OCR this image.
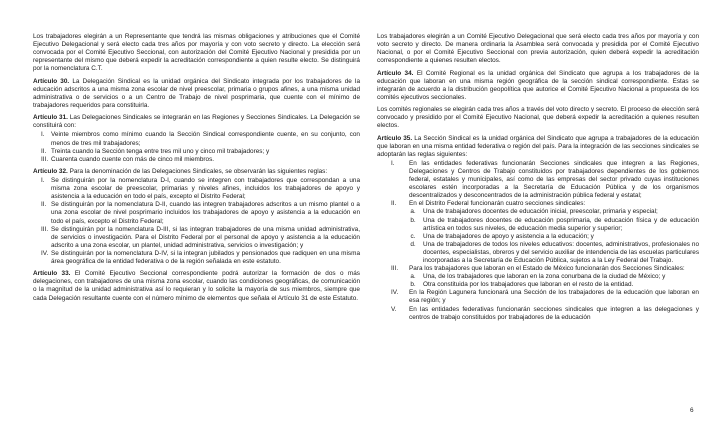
Los trabajadores elegirán a un Representante que tendrá las mismas obligaciones y atribuciones que el Comité Ejecutivo Delegacional y será electo cada tres años por mayoría y con voto secreto y directo. La elección será convocada por el Comité Ejecutivo Seccional, con autorización del Comité Ejecutivo Nacional y presidida por un representante del mismo que deberá expedir la acreditación correspondiente a quien resulte electo. Se distinguirá por la nomenclatura C.T.

Artículo 30. La Delegación Sindical es la unidad orgánica del Sindicato integrada por los trabajadores de la educación adscritos a una misma zona escolar de nivel preescolar, primaria o grupos afines, a una misma unidad administrativa o de servicios o a un Centro de Trabajo de nivel posprimaria, que cuente con el mínimo de trabajadores requeridos para constituirla.

Artículo 31. Las Delegaciones Sindicales se integrarán en las Regiones y Secciones Sindicales. La Delegación se constituirá con:

I.	Veinte miembros como mínimo cuando la Sección Sindical correspondiente cuente, en su conjunto, con menos de tres mil trabajadores;
II. Treinta cuando la Sección tenga entre tres mil uno y cinco mil trabajadores; y
III. Cuarenta cuando cuente con más de cinco mil miembros.

Artículo 32. Para la denominación de las Delegaciones Sindicales, se observarán las siguientes reglas:

I.	Se distinguirán por la nomenclatura D-I, cuando se integren con trabajadores que correspondan a una misma zona escolar de preescolar, primarias y niveles afines, incluidos los trabajadores de apoyo y asistencia a la educación en todo el país, excepto el Distrito Federal;
II. Se distinguirán por la nomenclatura D-II, cuando las integren trabajadores adscritos a un mismo plantel o a una zona escolar de nivel posprimario incluidos los trabajadores de apoyo y asistencia a la educación en todo el país, excepto el Distrito Federal;
III. Se distinguirán por la nomenclatura D-III, si las integran trabajadores de una misma unidad administrativa, de servicios o investigación. Para el Distrito Federal por el personal de apoyo y asistencia a la educación adscrito a una zona escolar, un plantel, unidad administrativa, servicios o investigación; y
IV. Se distinguirán por la nomenclatura D-IV, si la integran jubilados y pensionados que radiquen en una misma área geográfica de la entidad federativa o de la región señalada en este estatuto.

Artículo 33. El Comité Ejecutivo Seccional correspondiente podrá autorizar la formación de dos o más delegaciones, con trabajadores de una misma zona escolar, cuando las condiciones geográficas, de comunicación o la magnitud de la unidad administrativa así lo requieran y lo solicite la mayoría de sus miembros, siempre que cada Delegación resultante cuente con el número mínimo de elementos que señala el Artículo 31 de este Estatuto.

Los trabajadores elegirán a un Comité Ejecutivo Delegacional que será electo cada tres años por mayoría y con voto secreto y directo. De manera ordinaria la Asamblea será convocada y presidida por el Comité Ejecutivo Nacional, o por el Comité Ejecutivo Seccional con previa autorización, quien deberá expedir la acreditación correspondiente a quienes resulten electos.

Artículo 34. El Comité Regional es la unidad orgánica del Sindicato que agrupa a los trabajadores de la educación que laboran en una misma región geográfica de la sección sindical correspondiente. Estas se integrarán de acuerdo a la distribución geopolítica que autorice el Comité Ejecutivo Nacional a propuesta de los comités ejecutivos seccionales.

Los comités regionales se elegirán cada tres años a través del voto directo y secreto. El proceso de elección será convocado y presidido por el Comité Ejecutivo Nacional, que deberá expedir la acreditación a quienes resulten electos.

Artículo 35. La Sección Sindical es la unidad orgánica del Sindicato que agrupa a trabajadores de la educación que laboran en una misma entidad federativa o región del país. Para la integración de las secciones sindicales se adoptarán las reglas siguientes:

I.	En las entidades federativas funcionarán Secciones sindicales que integren a las Regiones, Delegaciones y Centros de Trabajo constituidos por trabajadores dependientes de los gobiernos federal, estatales y municipales, así como de las empresas del sector privado cuyas instituciones escolares estén incorporadas a la Secretaría de Educación Pública y de los organismos descentralizados y desconcentrados de la administración pública federal y estatal;
II.	En el Distrito Federal funcionarán cuatro secciones sindicales:
a.	Una de trabajadores docentes de educación inicial, preescolar, primaria y especial;
b.	Una de trabajadores docentes de educación posprimaria, de educación física y de educación artística en todos sus niveles, de educación media superior y superior;
c.	Una de trabajadores de apoyo y asistencia a la educación; y
d.	Una de trabajadores de todos los niveles educativos: docentes, administrativos, profesionales no docentes, especialistas, obreros y del servicio auxiliar de intendencia de las escuelas particulares incorporadas a la Secretaría de Educación Pública, sujetos a la Ley Federal del Trabajo.
III.	Para los trabajadores que laboran en el Estado de México funcionarán dos Secciones Sindicales:
a.	Una, de los trabajadores que laboran en la zona conurbana de la ciudad de México; y
b.	Otra constituida por los trabajadores que laboran en el resto de la entidad.
IV.	En la Región Lagunera funcionará una Sección de los trabajadores de la educación que laboran en esa región; y
V.	En las entidades federativas funcionarán secciones sindicales que integren a las delegaciones y centros de trabajo constituidos por trabajadores de la educación
6
